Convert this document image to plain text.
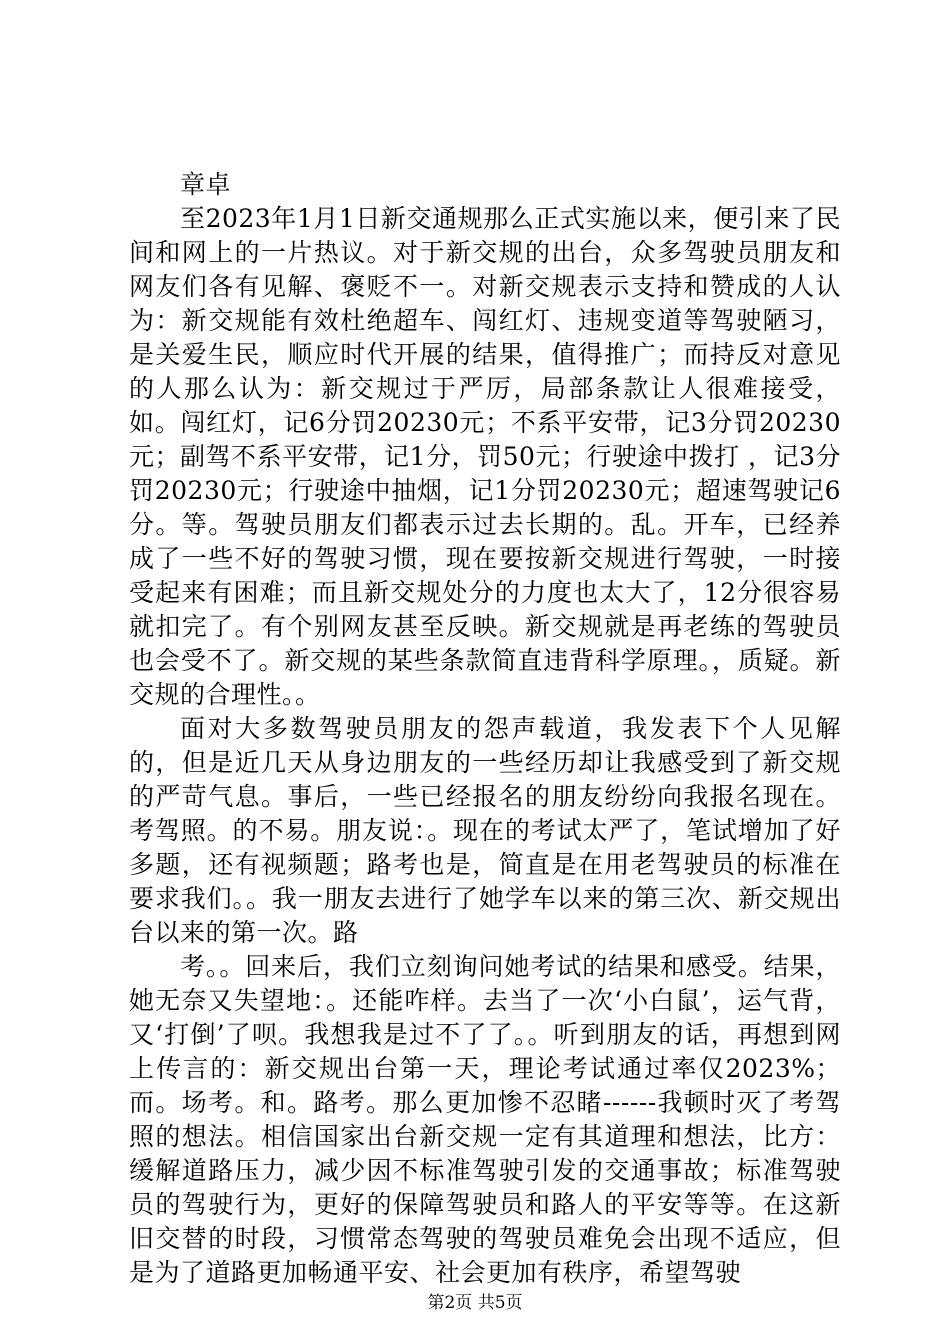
章卓

至2023年1月1日新交通规那么正式实施以来，便引来了民间和网上的一片热议。对于新交规的出台，众多驾驶员朋友和网友们各有见解、褒贬不一。对新交规表示支持和赞成的人认为：新交规能有效杜绝超车、闯红灯、违规变道等驾驶陋习，是关爱生民，顺应时代开展的结果，值得推广；而持反对意见的人那么认为：新交规过于严厉，局部条款让人很难接受，如。闯红灯，记6分罚20230元；不系平安带，记3分罚20230元；副驾不系平安带，记1分，罚50元；行驶途中拨打 ，记3分罚20230元；行驶途中抽烟，记1分罚20230元；超速驾驶记6分。等。驾驶员朋友们都表示过去长期的。乱。开车，已经养成了一些不好的驾驶习惯，现在要按新交规进行驾驶，一时接受起来有困难；而且新交规处分的力度也太大了，12分很容易就扣完了。有个别网友甚至反映。新交规就是再老练的驾驶员也会受不了。新交规的某些条款简直违背科学原理。，质疑。新交规的合理性。。

面对大多数驾驶员朋友的怨声载道，我发表下个人见解的，但是近几天从身边朋友的一些经历却让我感受到了新交规的严苛气息。事后，一些已经报名的朋友纷纷向我报名现在。考驾照。的不易。朋友说：。现在的考试太严了，笔试增加了好多题，还有视频题；路考也是，简直是在用老驾驶员的标准在要求我们。。我一朋友去进行了她学车以来的第三次、新交规出台以来的第一次。路

考。。回来后，我们立刻询问她考试的结果和感受。结果，她无奈又失望地：。还能咋样。去当了一次‘小白鼠’，运气背，又‘打倒’了呗。我想我是过不了了。。听到朋友的话，再想到网上传言的：新交规出台第一天，理论考试通过率仅2023%；而。场考。和。路考。那么更加惨不忍睹------我顿时灭了考驾照的想法。相信国家出台新交规一定有其道理和想法，比方：缓解道路压力，减少因不标准驾驶引发的交通事故；标准驾驶员的驾驶行为，更好的保障驾驶员和路人的平安等等。在这新旧交替的时段，习惯常态驾驶的驾驶员难免会出现不适应，但是为了道路更加畅通平安、社会更加有秩序，希望驾驶

第2页 共5页
